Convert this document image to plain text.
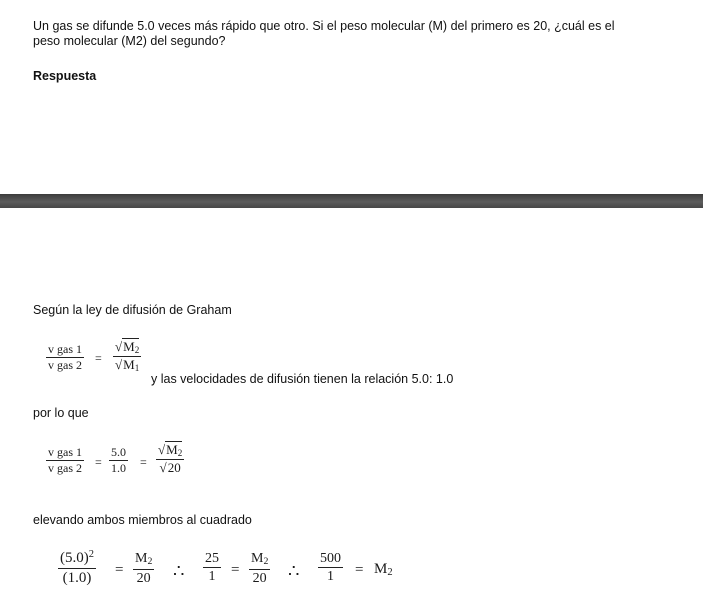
Un gas se difunde 5.0 veces más rápido que otro. Si el peso molecular (M) del primero es 20, ¿cuál es el peso molecular (M2) del segundo?
Respuesta
Según la ley de difusión de Graham
v gas 1
v gas 2
= $\frac{√M_2}{√M_1}$
y las velocidades de difusión tienen la relación 5.0: 1.0
por lo que
v gas 1
v gas $2 = \frac{5.0}{1.0} = \frac{√M_2}{√20}$
elevando ambos miembros al cuadrado
$\frac{(5.0)^2}{(1.0)} = \frac{M_2}{20}$ ∴ $\frac{25}{1} = \frac{M_2}{20}$ ∴ $\frac{500}{1} = M_2$
